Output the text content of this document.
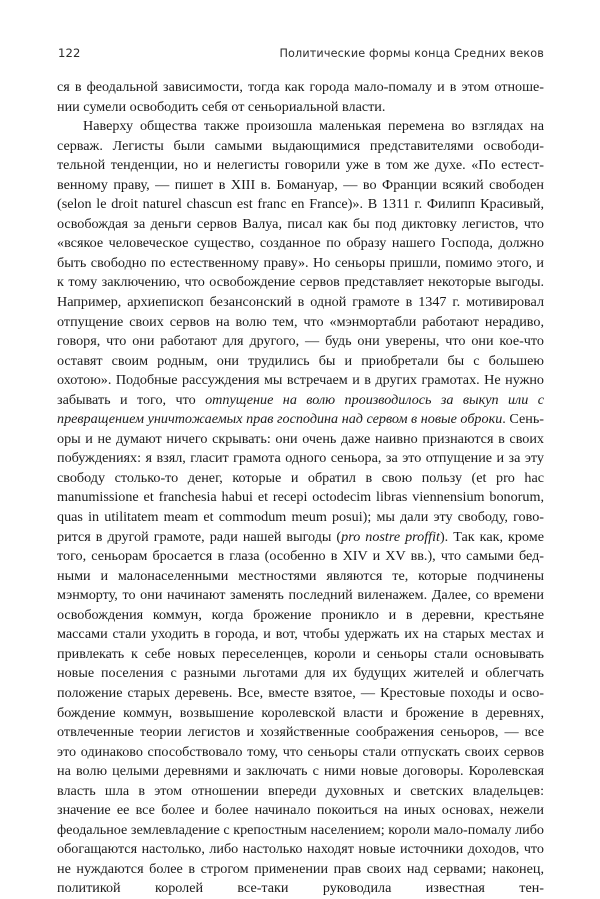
122	Политические формы конца Средних веков

ся в феодальной зависимости, тогда как города мало-помалу и в этом отношении сумели освободить себя от сеньориальной власти.

Наверху общества также произошла маленькая перемена во взглядах на серваж. Легисты были самыми выдающимися представителями освободительной тенденции, но и нелегисты говорили уже в том же духе. «По естественному праву, — пишет в XIII в. Бомануар, — во Франции всякий свободен (selon le droit naturel chascun est franc en France)». В 1311 г. Филипп Красивый, освобождая за деньги сервов Валуа, писал как бы под диктовку легистов, что «всякое человеческое существо, созданное по образу нашего Господа, должно быть свободно по естественному праву». Но сеньоры пришли, помимо этого, и к тому заключению, что освобождение сервов представляет некоторые выгоды. Например, архиепископ безансонский в одной грамоте в 1347 г. мотивировал отпущение своих сервов на волю тем, что «мэнмортабли работают нерадиво, говоря, что они работают для другого, — будь они уверены, что они кое-что оставят своим родным, они трудились бы и приобретали бы с большею охотою». Подобные рассуждения мы встречаем и в других грамотах. Не нужно забывать и того, что отпущение на волю производилось за выкуп или с превращением уничтожаемых прав господина над сервом в новые оброки. Сеньоры и не думают ничего скрывать: они очень даже наивно признаются в своих побуждениях: я взял, гласит грамота одного сеньора, за это отпущение и за эту свободу столько-то денег, которые и обратил в свою пользу (et pro hac manumissione et franchesia habui et recepi octodecim libras viennensium bonorum, quas in utilitatem meam et commodum meum posui); мы дали эту свободу, говорится в другой грамоте, ради нашей выгоды (pro nostre proffit). Так как, кроме того, сеньорам бросается в глаза (особенно в XIV и XV вв.), что самыми бедными и малонаселенными местностями являются те, которые подчинены мэнморту, то они начинают заменять последний виленажем. Далее, со времени освобождения коммун, когда брожение проникло и в деревни, крестьяне массами стали уходить в города, и вот, чтобы удержать их на старых местах и привлекать к себе новых переселенцев, короли и сеньоры стали основывать новые поселения с разными льготами для их будущих жителей и облегчать положение старых деревень. Все, вместе взятое, — Крестовые походы и освобождение коммун, возвышение королевской власти и брожение в деревнях, отвлеченные теории легистов и хозяйственные соображения сеньоров, — все это одинаково способствовало тому, что сеньоры стали отпускать своих сервов на волю целыми деревнями и заключать с ними новые договоры. Королевская власть шла в этом отношении впереди духовных и светских владельцев: значение ее все более и более начинало покоиться на иных основах, нежели феодальное землевладение с крепостным населением; короли мало-помалу либо обогащаются настолько, либо настолько находят новые источники доходов, что не нуждаются более в строгом применении прав своих над сервами; наконец, политикой королей все-таки руководила известная тен-
